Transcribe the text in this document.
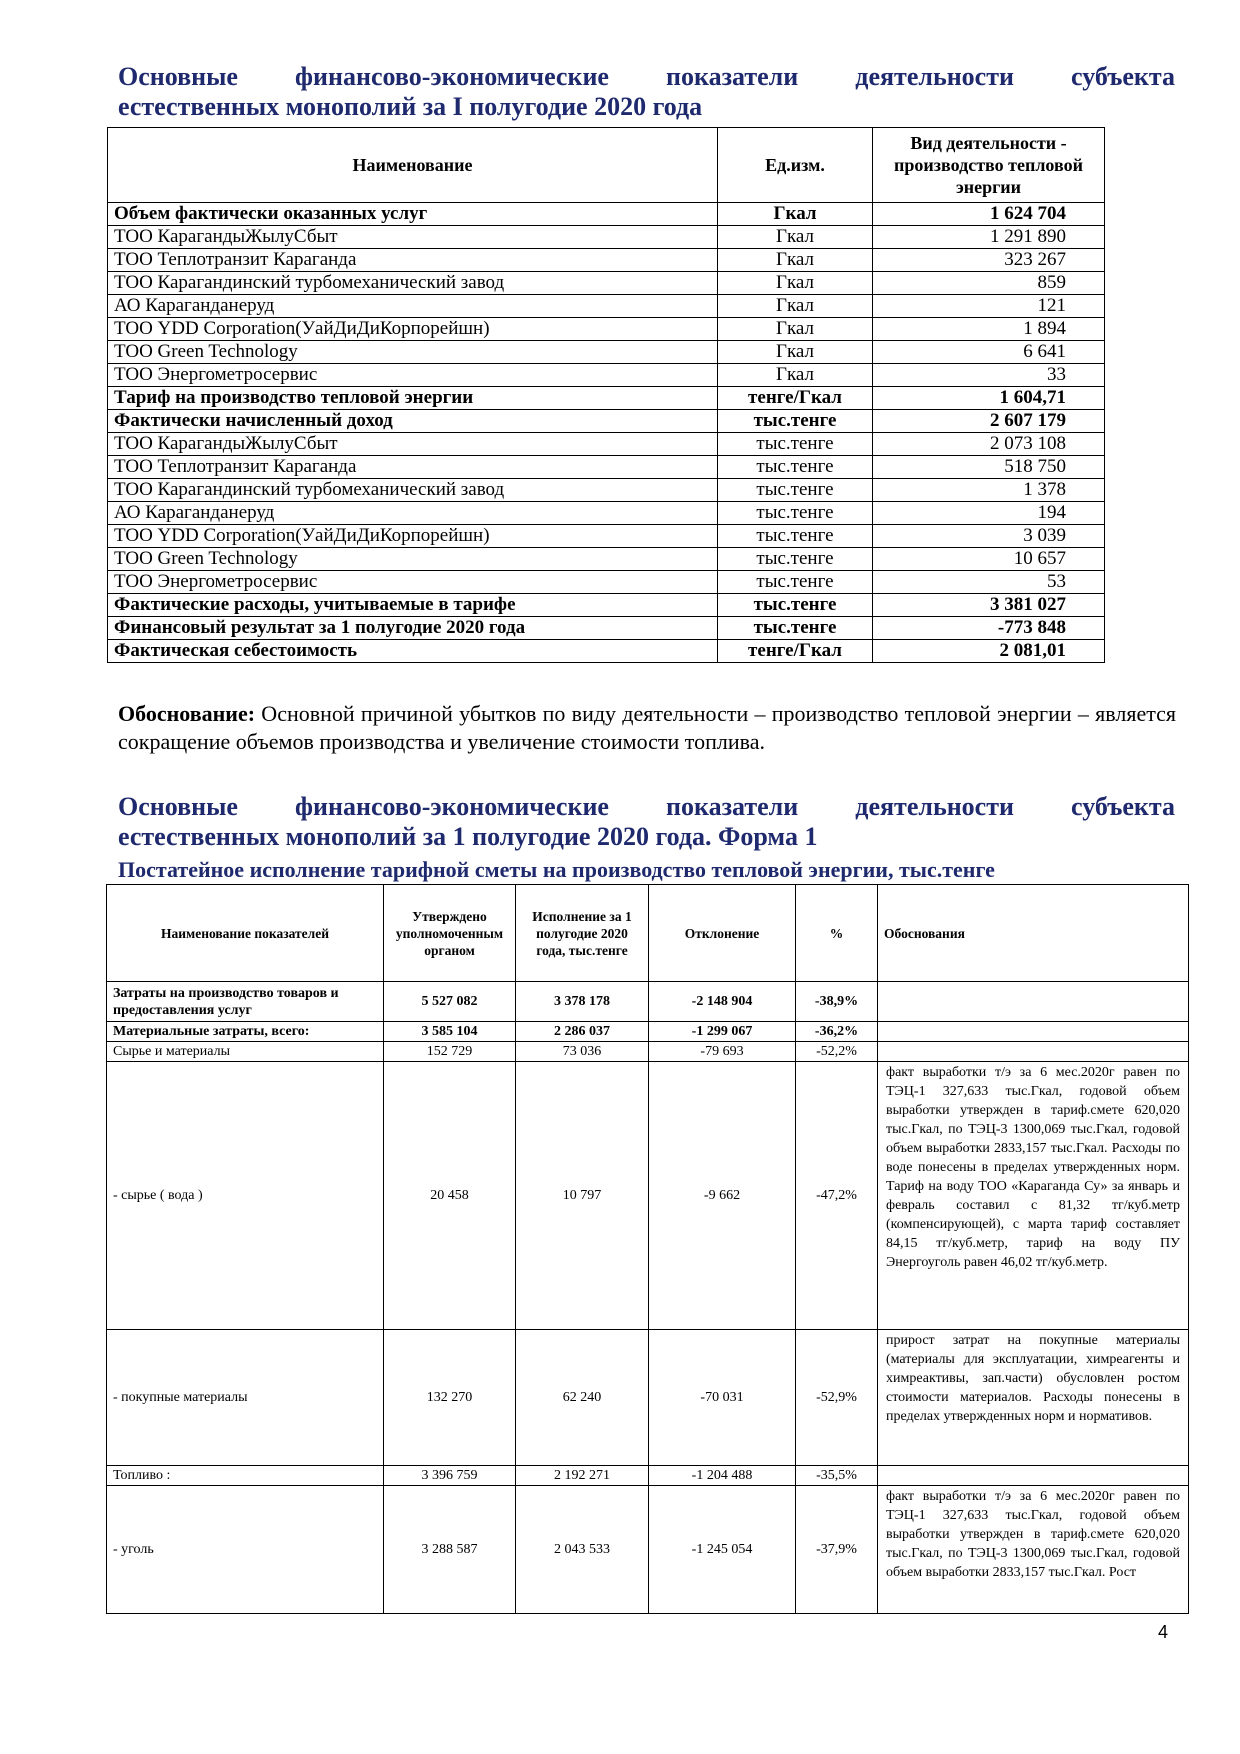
Основные финансово-экономические показатели деятельности субъекта
естественных монополий за I полугодие 2020 года
Наименование	Ед.изм.	Вид деятельности - производство тепловой энергии
Объем фактически оказанных услуг	Гкал	1 624 704
ТОО КарагандыЖылуСбыт	Гкал	1 291 890
ТОО Теплотранзит Караганда	Гкал	323 267
ТОО Карагандинский турбомеханический завод	Гкал	859
АО Караганданеруд	Гкал	121
ТОО YDD Corporation(УайДиДиКорпорейшн)	Гкал	1 894
ТОО Green Technology	Гкал	6 641
ТОО Энергометросервис	Гкал	33
Тариф на производство тепловой энергии	тенге/Гкал	1 604,71
Фактически начисленный доход	тыс.тенге	2 607 179
ТОО КарагандыЖылуСбыт	тыс.тенге	2 073 108
ТОО Теплотранзит Караганда	тыс.тенге	518 750
ТОО Карагандинский турбомеханический завод	тыс.тенге	1 378
АО Караганданеруд	тыс.тенге	194
ТОО YDD Corporation(УайДиДиКорпорейшн)	тыс.тенге	3 039
ТОО Green Technology	тыс.тенге	10 657
ТОО Энергометросервис	тыс.тенге	53
Фактические расходы, учитываемые в тарифе	тыс.тенге	3 381 027
Финансовый результат за 1 полугодие 2020 года	тыс.тенге	-773 848
Фактическая себестоимость	тенге/Гкал	2 081,01

Обоснование: Основной причиной убытков по виду деятельности – производство тепловой энергии – является сокращение объемов производства и увеличение стоимости топлива.

Основные финансово-экономические показатели деятельности субъекта
естественных монополий за 1 полугодие 2020 года. Форма 1
Постатейное исполнение тарифной сметы на производство тепловой энергии, тыс.тенге
Наименование показателей	Утверждено уполномоченным органом	Исполнение за 1 полугодие 2020 года, тыс.тенге	Отклонение	%	Обоснования
Затраты на производство товаров и предоставления услуг	5 527 082	3 378 178	-2 148 904	-38,9%	
Материальные затраты, всего:	3 585 104	2 286 037	-1 299 067	-36,2%	
Сырье и материалы	152 729	73 036	-79 693	-52,2%	
- сырье ( вода )	20 458	10 797	-9 662	-47,2%	факт выработки т/э за 6 мес.2020г равен по ТЭЦ-1 327,633 тыс.Гкал, годовой объем выработки утвержден в тариф.смете 620,020 тыс.Гкал, по ТЭЦ-3 1300,069 тыс.Гкал, годовой объем выработки 2833,157 тыс.Гкал. Расходы по воде понесены в пределах утвержденных норм. Тариф на воду ТОО «Караганда Су» за январь и февраль составил с 81,32 тг/куб.метр (компенсирующей), с марта тариф составляет 84,15 тг/куб.метр, тариф на воду ПУ Энергоуголь равен 46,02 тг/куб.метр.
- покупные материалы	132 270	62 240	-70 031	-52,9%	прирост затрат на покупные материалы (материалы для эксплуатации, химреагенты и химреактивы, зап.части) обусловлен ростом стоимости материалов. Расходы понесены в пределах утвержденных норм и нормативов.
Топливо :	3 396 759	2 192 271	-1 204 488	-35,5%	
- уголь	3 288 587	2 043 533	-1 245 054	-37,9%	факт выработки т/э за 6 мес.2020г равен по ТЭЦ-1 327,633 тыс.Гкал, годовой объем выработки утвержден в тариф.смете 620,020 тыс.Гкал, по ТЭЦ-3 1300,069 тыс.Гкал, годовой объем выработки 2833,157 тыс.Гкал. Рост
4
